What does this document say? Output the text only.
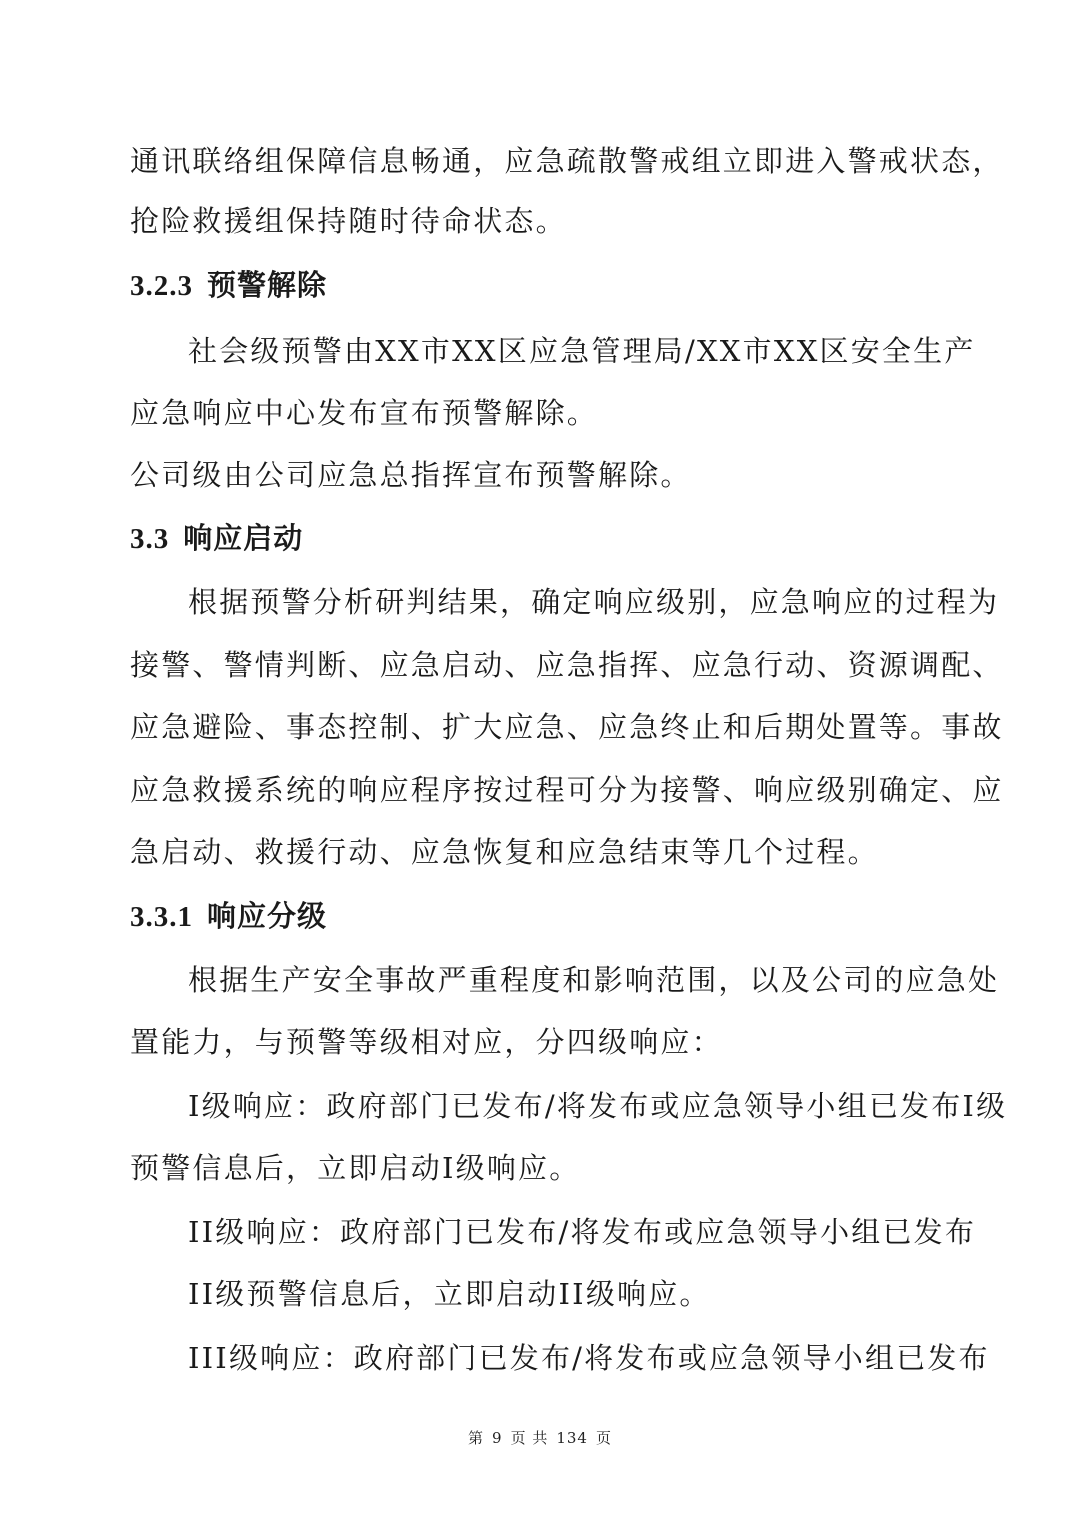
通讯联络组保障信息畅通，应急疏散警戒组立即进入警戒状态，
抢险救援组保持随时待命状态。
3.2.3 预警解除
社会级预警由XX市XX区应急管理局/XX市XX区安全生产
应急响应中心发布宣布预警解除。
公司级由公司应急总指挥宣布预警解除。
3.3 响应启动
根据预警分析研判结果，确定响应级别，应急响应的过程为
接警、警情判断、应急启动、应急指挥、应急行动、资源调配、
应急避险、事态控制、扩大应急、应急终止和后期处置等。事故
应急救援系统的响应程序按过程可分为接警、响应级别确定、应
急启动、救援行动、应急恢复和应急结束等几个过程。
3.3.1 响应分级
根据生产安全事故严重程度和影响范围，以及公司的应急处
置能力，与预警等级相对应，分四级响应：
I级响应：政府部门已发布/将发布或应急领导小组已发布I级
预警信息后，立即启动I级响应。
II级响应：政府部门已发布/将发布或应急领导小组已发布
II级预警信息后，立即启动II级响应。
III级响应：政府部门已发布/将发布或应急领导小组已发布
第 9 页 共 134 页
